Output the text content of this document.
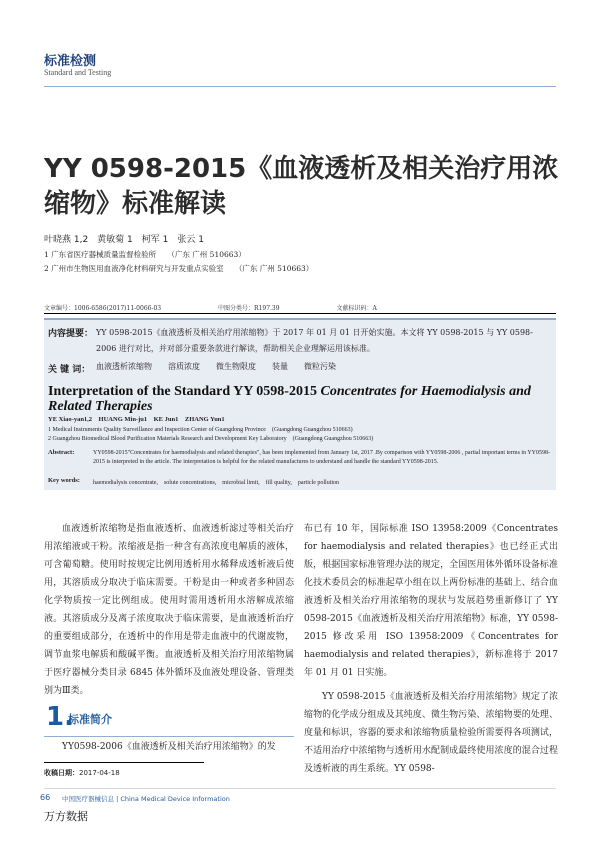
标准检测
Standard and Testing
YY 0598-2015《血液透析及相关治疗用浓缩物》标准解读
叶晓燕 1,2　黄敏菊 1　柯军 1　张云 1
1 广东省医疗器械质量监督检验所　　（广东 广州 510663）
2 广州市生物医用血液净化材料研究与开发重点实验室　　（广东 广州 510663）
文章编号：1006-6586(2017)11-0066-03	中图分类号：R197.39	文献标识码：A
内容提要： YY 0598-2015《血液透析及相关治疗用浓缩物》于 2017 年 01 月 01 日开始实施。本文将 YY 0598-2015 与 YY 0598-2006 进行对比，并对部分重要条款进行解读，帮助相关企业理解运用该标准。
关 键 词： 血液透析浓缩物　　溶质浓度　　微生物限度　　装量　　微粒污染
Interpretation of the Standard YY 0598-2015 Concentrates for Haemodialysis and Related Therapies
YE Xiao-yan1,2　HUANG Min-ju1　KE Jun1　ZHANG Yun1
1 Medical Instruments Quality Surveillance and Inspection Center of Guangdong Province　(Guangdong Guangzhou 510663)
2 Guangzhou Biomedical Blood Purification Materials Research and Development Key Laboratory　(Guangdong Guangzhou 510663)
Abstract:	YY0598-2015"Concentrates for haemodialysis and related therapies", has been implemented from January 1st, 2017 .By comparison with YY0598-2006 , partial important terms in YY0598-2015 is interpreted in the article. The interpretation is helpful for the related manufactures to understand and handle the standard YY0598-2015.
Key words: haemodialysis concentrate,　solute concentrations,　microbial limit,　fill quality,　particle pollution
血液透析浓缩物是指血液透析、血液透析滤过等相关治疗用浓缩液或干粉。浓缩液是指一种含有高浓度电解质的液体，可含葡萄糖。使用时按规定比例用透析用水稀释成透析液后使用，其溶质成分取决于临床需要。干粉是由一种或者多种固态化学物质按一定比例组成。使用时需用透析用水溶解成浓缩液。其溶质成分及离子浓度取决于临床需要，是血液透析治疗的重要组成部分，在透析中的作用是带走血液中的代谢废物，调节血浆电解质和酸碱平衡。血液透析及相关治疗用浓缩物属于医疗器械分类目录 6845 体外循环及血液处理设备、管理类别为Ⅲ类。

布已有 10 年，国际标准 ISO 13958:2009《Concentrates for haemodialysis and related therapies》也已经正式出版，根据国家标准管理办法的规定，全国医用体外循环设备标准化技术委员会的标准起草小组在以上两份标准的基础上、结合血液透析及相关治疗用浓缩物的现状与发展趋势重新修订了 YY 0598-2015《血液透析及相关治疗用浓缩物》标准，YY 0598-2015 修改采用 ISO 13958:2009《Concentrates for haemodialysis and related therapies》，新标准将于 2017 年 01 月 01 日实施。

YY 0598-2015《血液透析及相关治疗用浓缩物》规定了浓缩物的化学成分组成及其纯度、微生物污染、浓缩物要的处理、度量和标识，容器的要求和浓缩物质量检验所需要得各项测试，不适用治疗中浓缩物与透析用水配制成最终使用浓度的混合过程及透析液的再生系统。YY 0598-

1.
标准简介
YY0598-2006《血液透析及相关治疗用浓缩物》的发
收稿日期：2017-04-18
66 中国医疗器械信息 | China Medical Device Information
万方数据
